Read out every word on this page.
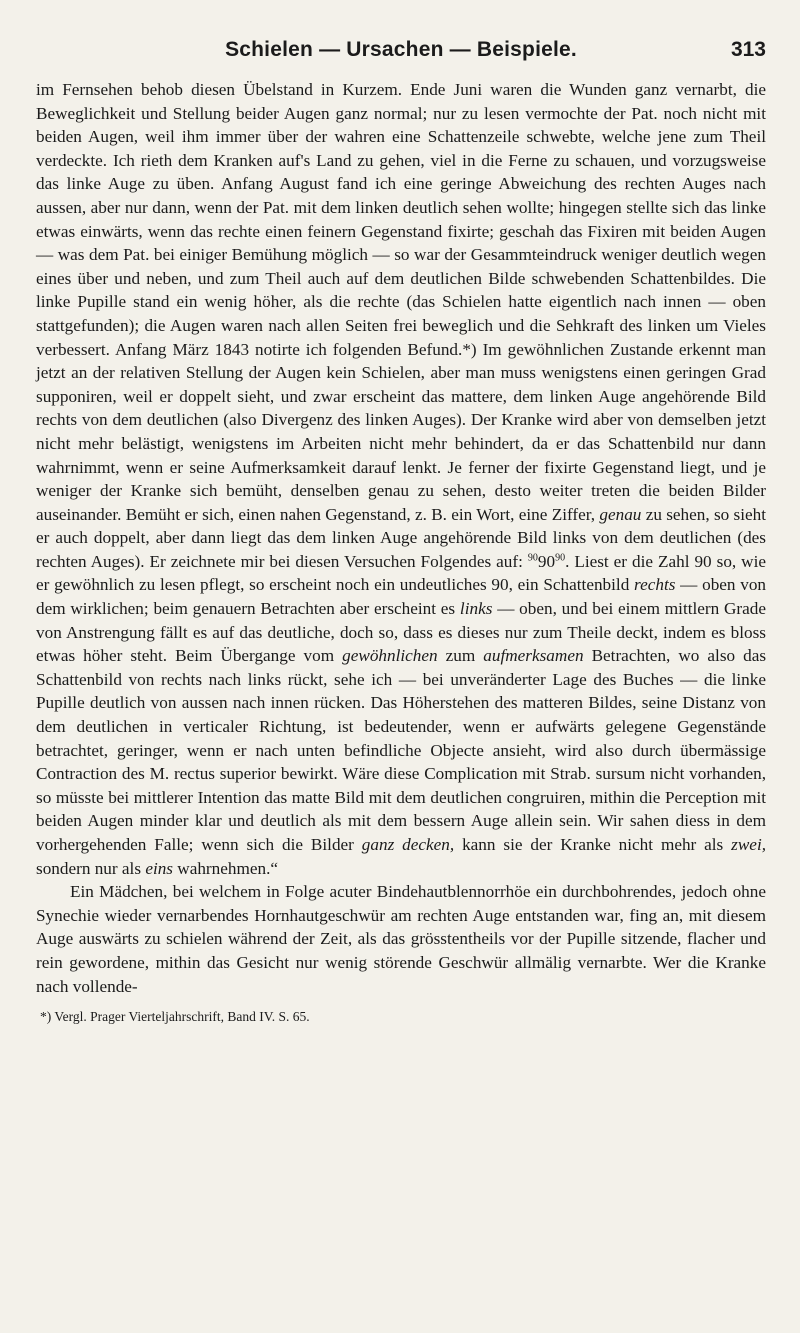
Schielen — Ursachen — Beispiele.	313

im Fernsehen behob diesen Übelstand in Kurzem. Ende Juni waren die Wunden ganz vernarbt, die Beweglichkeit und Stellung beider Augen ganz normal; nur zu lesen vermochte der Pat. noch nicht mit beiden Augen, weil ihm immer über der wahren eine Schattenzeile schwebte, welche jene zum Theil verdeckte. Ich rieth dem Kranken auf's Land zu gehen, viel in die Ferne zu schauen, und vorzugsweise das linke Auge zu üben. Anfang August fand ich eine geringe Abweichung des rechten Auges nach aussen, aber nur dann, wenn der Pat. mit dem linken deutlich sehen wollte; hingegen stellte sich das linke etwas einwärts, wenn das rechte einen feinern Gegenstand fixirte; geschah das Fixiren mit beiden Augen — was dem Pat. bei einiger Bemühung möglich — so war der Gesammteindruck weniger deutlich wegen eines über und neben, und zum Theil auch auf dem deutlichen Bilde schwebenden Schattenbildes. Die linke Pupille stand ein wenig höher, als die rechte (das Schielen hatte eigentlich nach innen — oben stattgefunden); die Augen waren nach allen Seiten frei beweglich und die Sehkraft des linken um Vieles verbessert. Anfang März 1843 notirte ich folgenden Befund.*) Im gewöhnlichen Zustande erkennt man jetzt an der relativen Stellung der Augen kein Schielen, aber man muss wenigstens einen geringen Grad supponiren, weil er doppelt sieht, und zwar erscheint das mattere, dem linken Auge angehörende Bild rechts von dem deutlichen (also Divergenz des linken Auges). Der Kranke wird aber von demselben jetzt nicht mehr belästigt, wenigstens im Arbeiten nicht mehr behindert, da er das Schattenbild nur dann wahrnimmt, wenn er seine Aufmerksamkeit darauf lenkt. Je ferner der fixirte Gegenstand liegt, und je weniger der Kranke sich bemüht, denselben genau zu sehen, desto weiter treten die beiden Bilder auseinander. Bemüht er sich, einen nahen Gegenstand, z. B. ein Wort, eine Ziffer, genau zu sehen, so sieht er auch doppelt, aber dann liegt das dem linken Auge angehörende Bild links von dem deutlichen (des rechten Auges). Er zeichnete mir bei diesen Versuchen Folgendes auf: $^{90}90^{90}$. Liest er die Zahl 90 so, wie er gewöhnlich zu lesen pflegt, so erscheint noch ein undeutliches 90, ein Schattenbild rechts — oben von dem wirklichen; beim genauern Betrachten aber erscheint es links — oben, und bei einem mittlern Grade von Anstrengung fällt es auf das deutliche, doch so, dass es dieses nur zum Theile deckt, indem es bloss etwas höher steht. Beim Übergange vom gewöhnlichen zum aufmerksamen Betrachten, wo also das Schattenbild von rechts nach links rückt, sehe ich — bei unveränderter Lage des Buches — die linke Pupille deutlich von aussen nach innen rücken. Das Höherstehen des matteren Bildes, seine Distanz von dem deutlichen in verticaler Richtung, ist bedeutender, wenn er aufwärts gelegene Gegenstände betrachtet, geringer, wenn er nach unten befindliche Objecte ansieht, wird also durch übermässige Contraction des M. rectus superior bewirkt. Wäre diese Complication mit Strab. sursum nicht vorhanden, so müsste bei mittlerer Intention das matte Bild mit dem deutlichen congruiren, mithin die Perception mit beiden Augen minder klar und deutlich als mit dem bessern Auge allein sein. Wir sahen diess in dem vorhergehenden Falle; wenn sich die Bilder ganz decken, kann sie der Kranke nicht mehr als zwei, sondern nur als eins wahrnehmen.“

Ein Mädchen, bei welchem in Folge acuter Bindehautblennorrhöe ein durchbohrendes, jedoch ohne Synechie wieder vernarbendes Hornhautgeschwür am rechten Auge entstanden war, fing an, mit diesem Auge auswärts zu schielen während der Zeit, als das grösstentheils vor der Pupille sitzende, flacher und rein gewordene, mithin das Gesicht nur wenig störende Geschwür allmälig vernarbte. Wer die Kranke nach vollende-

*) Vergl. Prager Vierteljahrschrift, Band IV. S. 65.
